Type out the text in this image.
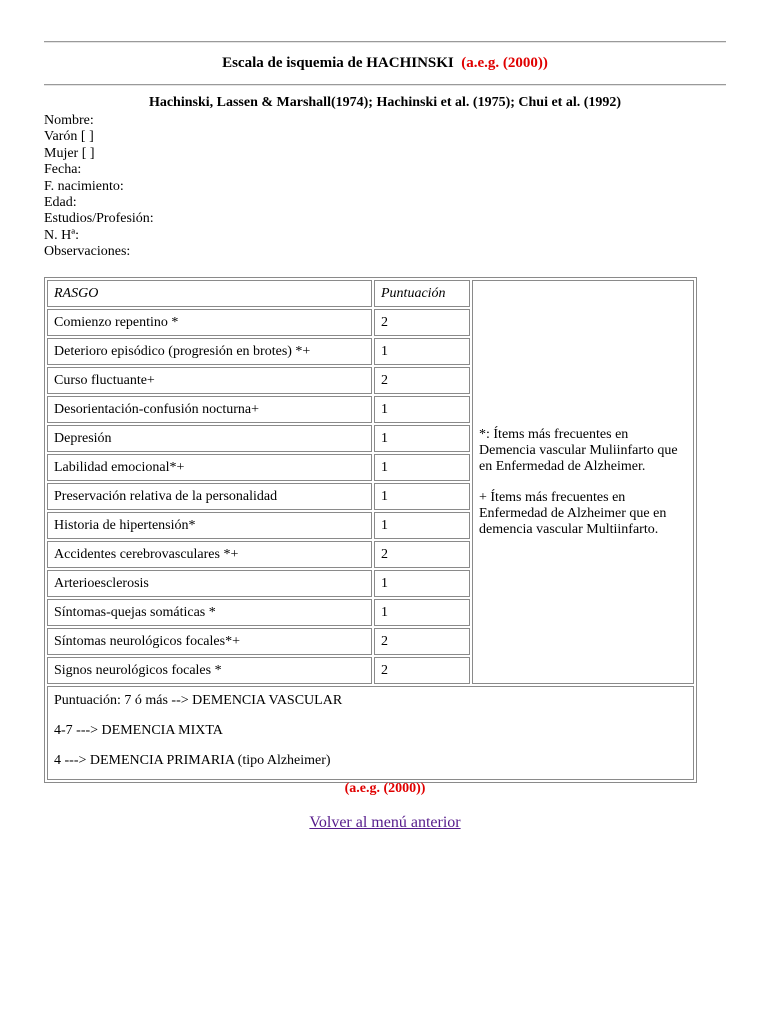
Escala de isquemia de HACHINSKI (a.e.g. (2000))
Hachinski, Lassen & Marshall(1974); Hachinski et al. (1975); Chui et al. (1992)
Nombre:
Varón [ ]
Mujer [ ]
Fecha:
F. nacimiento:
Edad:
Estudios/Profesión:
N. Hª:
Observaciones:
RASGO	Puntuación	*: Ítems más frecuentes en Demencia vascular Muliinfarto que en Enfermedad de Alzheimer.

+ Ítems más frecuentes en Enfermedad de Alzheimer que en demencia vascular Multiinfarto.

Comienzo repentino *	2	
Deterioro episódico (progresión en brotes) *+	1	
Curso fluctuante+	2	
Desorientación-confusión nocturna+	1	
Depresión	1	
Labilidad emocional*+	1	
Preservación relativa de la personalidad	1	
Historia de hipertensión*	1	
Accidentes cerebrovasculares *+	2	
Arterioesclerosis	1	
Síntomas-quejas somáticas *	1	
Síntomas neurológicos focales*+	2	
Signos neurológicos focales *	2	

Puntuación: 7 ó más --> DEMENCIA VASCULAR

4-7 ---> DEMENCIA MIXTA

4 ---> DEMENCIA PRIMARIA (tipo Alzheimer)		

(a.e.g. (2000))
Volver al menú anterior
